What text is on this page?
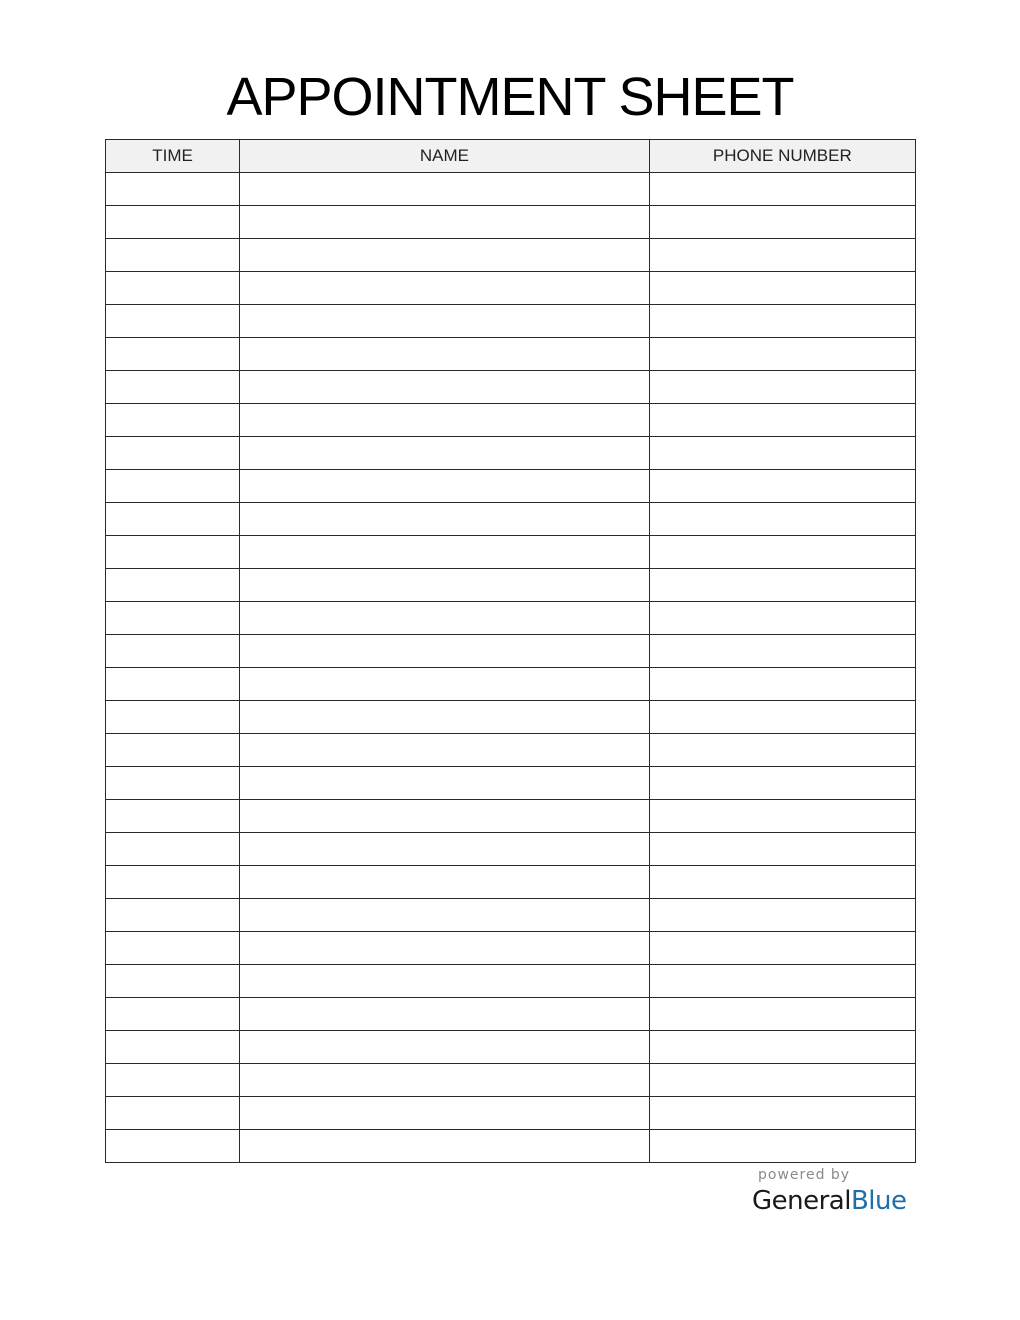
APPOINTMENT SHEET
TIME	NAME	PHONE NUMBER

powered by
GeneralBlue
